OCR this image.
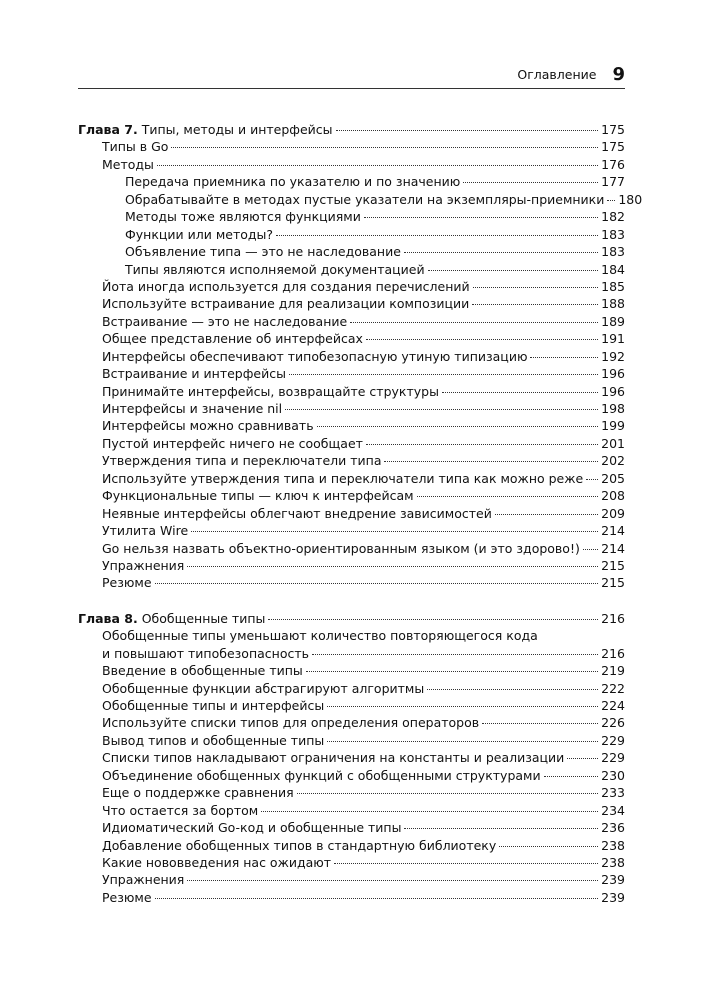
Оглавление 9
Глава 7. Типы, методы и интерфейсы	175
Типы в Go	175
Методы	176
Передача приемника по указателю и по значению	177
Обрабатывайте в методах пустые указатели на экземпляры-приемники 180
Методы тоже являются функциями	182
Функции или методы?	183
Объявление типа — это не наследование	183
Типы являются исполняемой документацией	184
Йота иногда используется для создания перечислений	185
Используйте встраивание для реализации композиции	188
Встраивание — это не наследование	189
Общее представление об интерфейсах	191
Интерфейсы обеспечивают типобезопасную утиную типизацию	192
Встраивание и интерфейсы	196
Принимайте интерфейсы, возвращайте структуры	196
Интерфейсы и значение nil	198
Интерфейсы можно сравнивать	199
Пустой интерфейс ничего не сообщает	201
Утверждения типа и переключатели типа	202
Используйте утверждения типа и переключатели типа как можно реже 205
Функциональные типы — ключ к интерфейсам	208
Неявные интерфейсы облегчают внедрение зависимостей	209
Утилита Wire	214
Go нельзя назвать объектно-ориентированным языком (и это здорово!) 214
Упражнения	215
Резюме	215
Глава 8. Обобщенные типы	216
Обобщенные типы уменьшают количество повторяющегося кода
и повышают типобезопасность	216
Введение в обобщенные типы	219
Обобщенные функции абстрагируют алгоритмы	222
Обобщенные типы и интерфейсы	224
Используйте списки типов для определения операторов	226
Вывод типов и обобщенные типы	229
Списки типов накладывают ограничения на константы и реализации	229
Объединение обобщенных функций с обобщенными структурами	230
Еще о поддержке сравнения	233
Что остается за бортом	234
Идиоматический Go-код и обобщенные типы	236
Добавление обобщенных типов в стандартную библиотеку	238
Какие нововведения нас ожидают	238
Упражнения	239
Резюме	239
